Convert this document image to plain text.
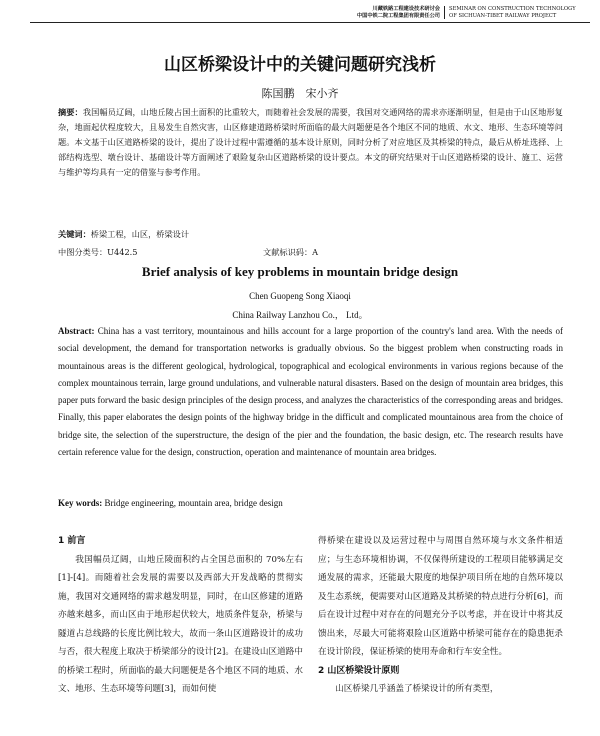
川藏铁路工程建设技术研讨会
中国中铁二院工程集团有限责任公司
SEMINAR ON CONSTRUCTION TECHNOLOGY
OF SICHUAN-TIBET RAILWAY PROJECT
山区桥梁设计中的关键问题研究浅析
陈国鹏　宋小齐
摘要：我国幅员辽阔，山地丘陵占国土面积的比重较大，而随着社会发展的需要，我国对交通网络的需求亦逐渐明显，但是由于山区地形复杂，地面起伏程度较大，且易发生自然灾害，山区修建道路桥梁时所面临的最大问题便是各个地区不同的地质、水文、地形、生态环境等问题。本文基于山区道路桥梁的设计，提出了设计过程中需遵循的基本设计原则，同时分析了对应地区及其桥梁的特点，最后从桥址选择、上部结构选型、墩台设计、基础设计等方面阐述了艰险复杂山区道路桥梁的设计要点。本文的研究结果对于山区道路桥梁的设计、施工、运营与维护等均具有一定的借鉴与参考作用。
关键词：桥梁工程，山区，桥梁设计
中图分类号：U442.5	文献标识码：A
Brief analysis of key problems in mountain bridge design
Chen Guopeng Song Xiaoqi
China Railway Lanzhou Co.， Ltd。
Abstract: China has a vast territory, mountainous and hills account for a large proportion of the country's land area. With the needs of social development, the demand for transportation networks is gradually obvious. So the biggest problem when constructing roads in mountainous areas is the different geological, hydrological, topographical and ecological environments in various regions because of the complex mountainous terrain, large ground undulations, and vulnerable natural disasters. Based on the design of mountain area bridges, this paper puts forward the basic design principles of the design process, and analyzes the characteristics of the corresponding areas and bridges. Finally, this paper elaborates the design points of the highway bridge in the difficult and complicated mountainous area from the choice of bridge site, the selection of the superstructure, the design of the pier and the foundation, the basic design, etc. The research results have certain reference value for the design, construction, operation and maintenance of mountain area bridges.
Key words: Bridge engineering, mountain area, bridge design
1 前言
我国幅员辽阔，山地丘陵面积约占全国总面积的 70%左右[1]-[4]。而随着社会发展的需要以及西部大开发战略的贯彻实施，我国对交通网络的需求越发明显，同时，在山区修建的道路亦越来越多，而山区由于地形起伏较大，地质条件复杂，桥梁与隧道占总线路的长度比例比较大，故而一条山区道路设计的成功与否，很大程度上取决于桥梁部分的设计[2]。在建设山区道路中的桥梁工程时，所面临的最大问题便是各个地区不同的地质、水文、地形、生态环境等问题[3]，而如何使
得桥梁在建设以及运营过程中与周围自然环境与水文条件相适应；与生态环境相协调，不仅保得所建设的工程项目能够满足交通发展的需求，还能最大限度的地保护项目所在地的自然环境以及生态系统，便需要对山区道路及其桥梁的特点进行分析[6]，而后在设计过程中对存在的问题充分予以考虑，并在设计中将其反馈出来，尽最大可能将艰险山区道路中桥梁可能存在的隐患扼杀在设计阶段，保证桥梁的使用寿命和行车安全性。
2 山区桥梁设计原则
山区桥梁几乎涵盖了桥梁设计的所有类型，
